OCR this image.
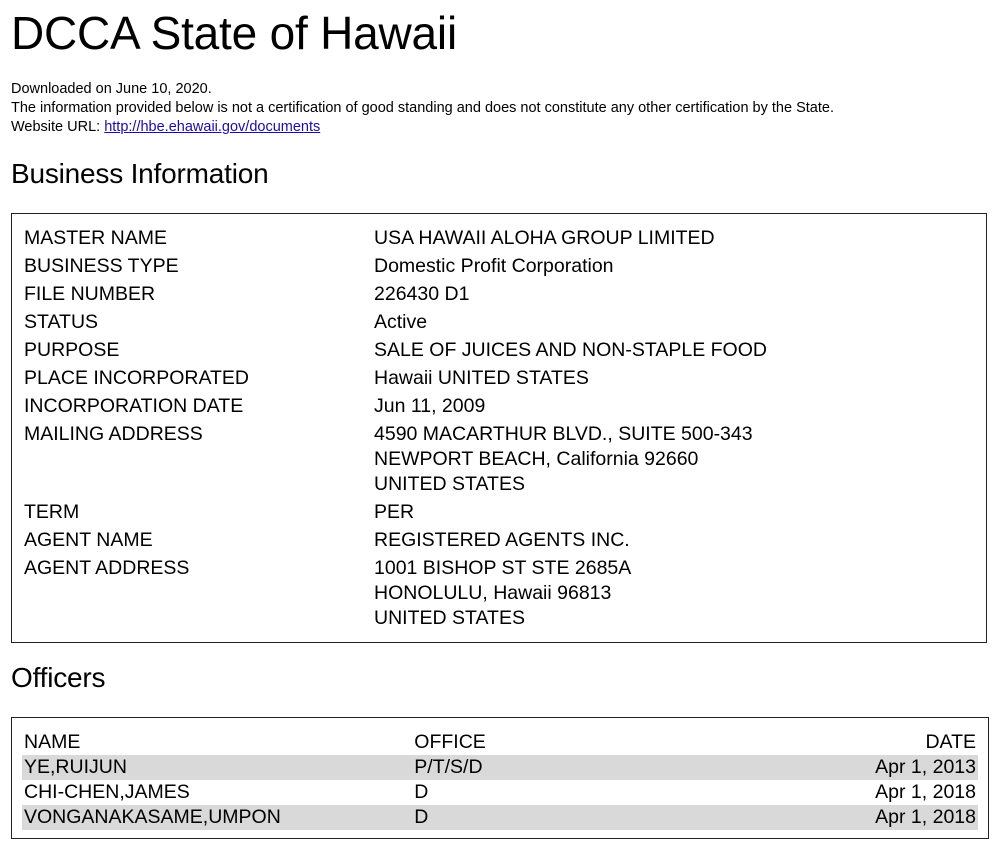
DCCA State of Hawaii
Downloaded on June 10, 2020.
The information provided below is not a certification of good standing and does not constitute any other certification by the State.
Website URL: http://hbe.ehawaii.gov/documents
Business Information
MASTER NAME	USA HAWAII ALOHA GROUP LIMITED

BUSINESS TYPE	Domestic Profit Corporation

FILE NUMBER	226430 D1

STATUS	Active

PURPOSE	SALE OF JUICES AND NON-STAPLE FOOD

PLACE INCORPORATED	Hawaii UNITED STATES

INCORPORATION DATE	Jun 11, 2009

MAILING ADDRESS	4590 MACARTHUR BLVD., SUITE 500-343
NEWPORT BEACH, California 92660
UNITED STATES

TERM	PER

AGENT NAME	REGISTERED AGENTS INC.

AGENT ADDRESS	1001 BISHOP ST STE 2685A
HONOLULU, Hawaii 96813
UNITED STATES
Officers
NAME	OFFICE	DATE
YE,RUIJUN	P/T/S/D	Apr 1, 2013
CHI-CHEN,JAMES	D	Apr 1, 2018
VONGANAKASAME,UMPON	D	Apr 1, 2018
